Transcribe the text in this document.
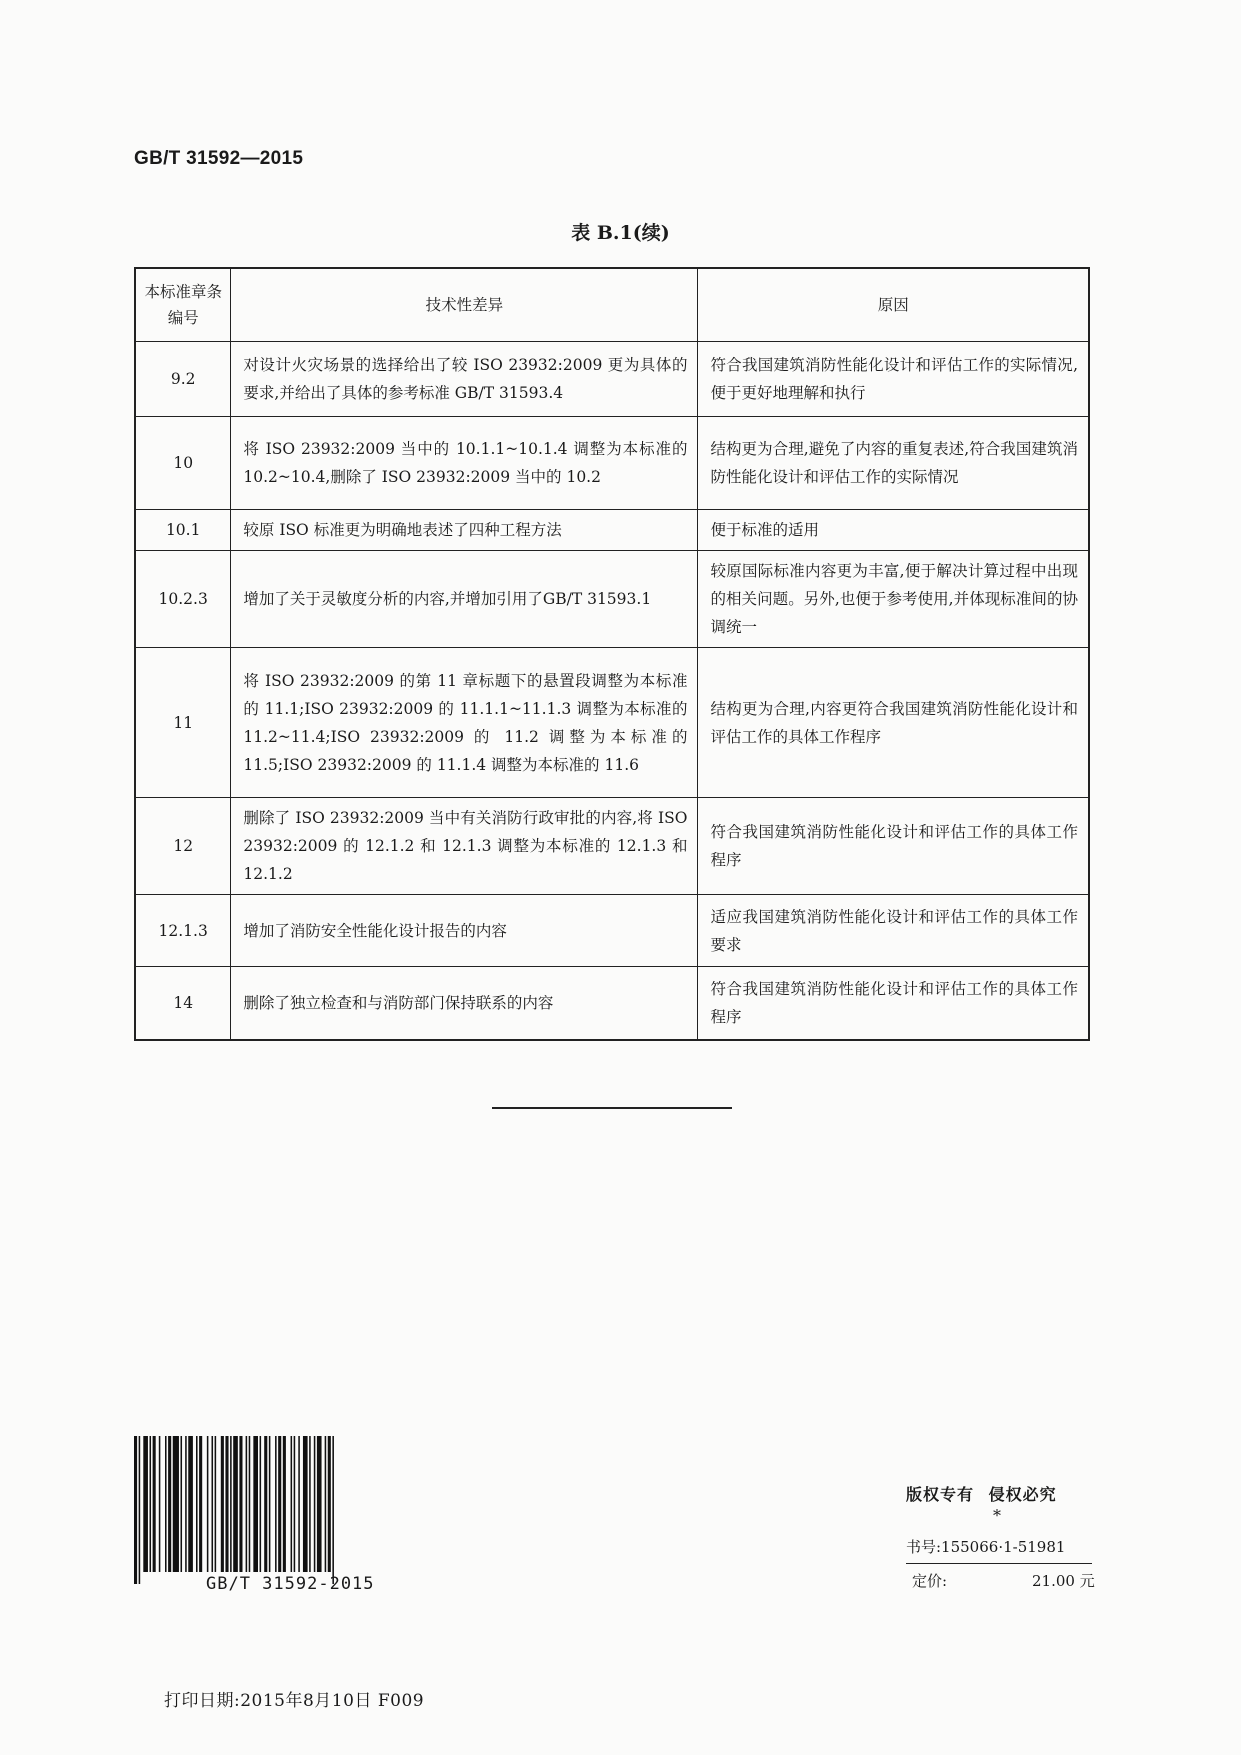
GB/T 31592—2015
表 B.1(续)
本标准章条编号	技术性差异	原因
9.2	对设计火灾场景的选择给出了较 ISO 23932:2009 更为具体的要求,并给出了具体的参考标准 GB/T 31593.4	符合我国建筑消防性能化设计和评估工作的实际情况,便于更好地理解和执行
10	将 ISO 23932:2009 当中的 10.1.1~10.1.4 调整为本标准的 10.2~10.4,删除了 ISO 23932:2009 当中的 10.2	结构更为合理,避免了内容的重复表述,符合我国建筑消防性能化设计和评估工作的实际情况
10.1	较原 ISO 标准更为明确地表述了四种工程方法	便于标准的适用
10.2.3	增加了关于灵敏度分析的内容,并增加引用了GB/T 31593.1	较原国际标准内容更为丰富,便于解决计算过程中出现的相关问题。另外,也便于参考使用,并体现标准间的协调统一
11	将 ISO 23932:2009 的第 11 章标题下的悬置段调整为本标准的 11.1;ISO 23932:2009 的 11.1.1~11.1.3 调整为本标准的 11.2~11.4;ISO 23932:2009 的 11.2 调整为本标准的 11.5;ISO 23932:2009 的 11.1.4 调整为本标准的 11.6	结构更为合理,内容更符合我国建筑消防性能化设计和评估工作的具体工作程序
12	删除了 ISO 23932:2009 当中有关消防行政审批的内容,将 ISO 23932:2009 的 12.1.2 和 12.1.3 调整为本标准的 12.1.3 和 12.1.2	符合我国建筑消防性能化设计和评估工作的具体工作程序
12.1.3	增加了消防安全性能化设计报告的内容	适应我国建筑消防性能化设计和评估工作的具体工作要求
14	删除了独立检查和与消防部门保持联系的内容	符合我国建筑消防性能化设计和评估工作的具体工作程序
GB/T 31592-2015
版权专有 侵权必究
*
书号:155066·1-51981
定价:	21.00 元
打印日期:2015年8月10日 F009
